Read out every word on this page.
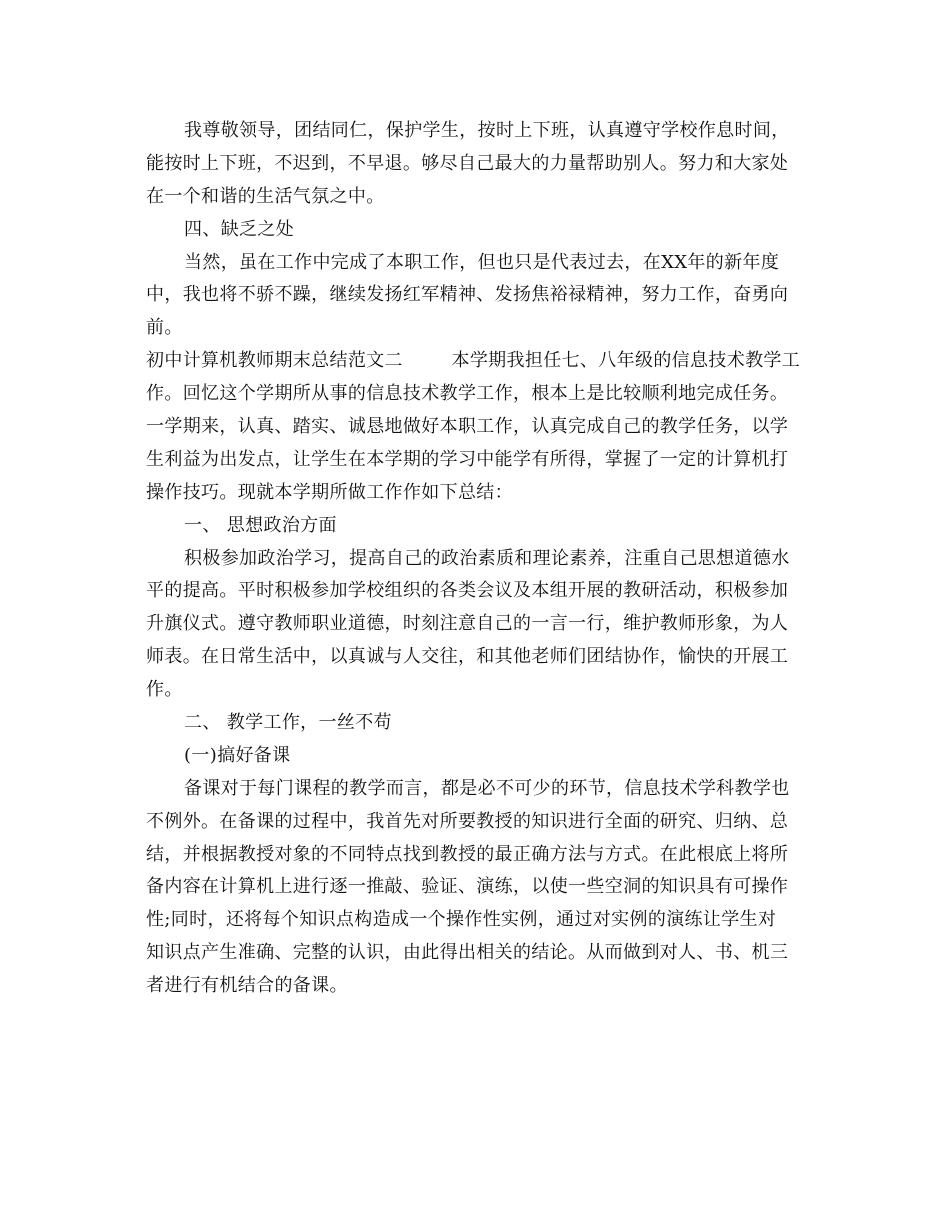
我尊敬领导，团结同仁，保护学生，按时上下班，认真遵守学校作息时间，
能按时上下班，不迟到，不早退。够尽自己最大的力量帮助别人。努力和大家处
在一个和谐的生活气氛之中。
四、缺乏之处
当然，虽在工作中完成了本职工作，但也只是代表过去，在XX年的新年度
中，我也将不骄不躁，继续发扬红军精神、发扬焦裕禄精神，努力工作，奋勇向
前。
初中计算机教师期末总结范文二        本学期我担任七、八年级的信息技术教学工
作。回忆这个学期所从事的信息技术教学工作，根本上是比较顺利地完成任务。
一学期来，认真、踏实、诚恳地做好本职工作，认真完成自己的教学任务，以学
生利益为出发点，让学生在本学期的学习中能学有所得，掌握了一定的计算机打
操作技巧。现就本学期所做工作作如下总结：
一、 思想政治方面
积极参加政治学习，提高自己的政治素质和理论素养，注重自己思想道德水
平的提高。平时积极参加学校组织的各类会议及本组开展的教研活动，积极参加
升旗仪式。遵守教师职业道德，时刻注意自己的一言一行，维护教师形象，为人
师表。在日常生活中，以真诚与人交往，和其他老师们团结协作，愉快的开展工
作。
二、 教学工作，一丝不苟
(一)搞好备课
备课对于每门课程的教学而言，都是必不可少的环节，信息技术学科教学也
不例外。在备课的过程中，我首先对所要教授的知识进行全面的研究、归纳、总
结，并根据教授对象的不同特点找到教授的最正确方法与方式。在此根底上将所
备内容在计算机上进行逐一推敲、验证、演练，以使一些空洞的知识具有可操作
性;同时，还将每个知识点构造成一个操作性实例，通过对实例的演练让学生对
知识点产生准确、完整的认识，由此得出相关的结论。从而做到对人、书、机三
者进行有机结合的备课。
